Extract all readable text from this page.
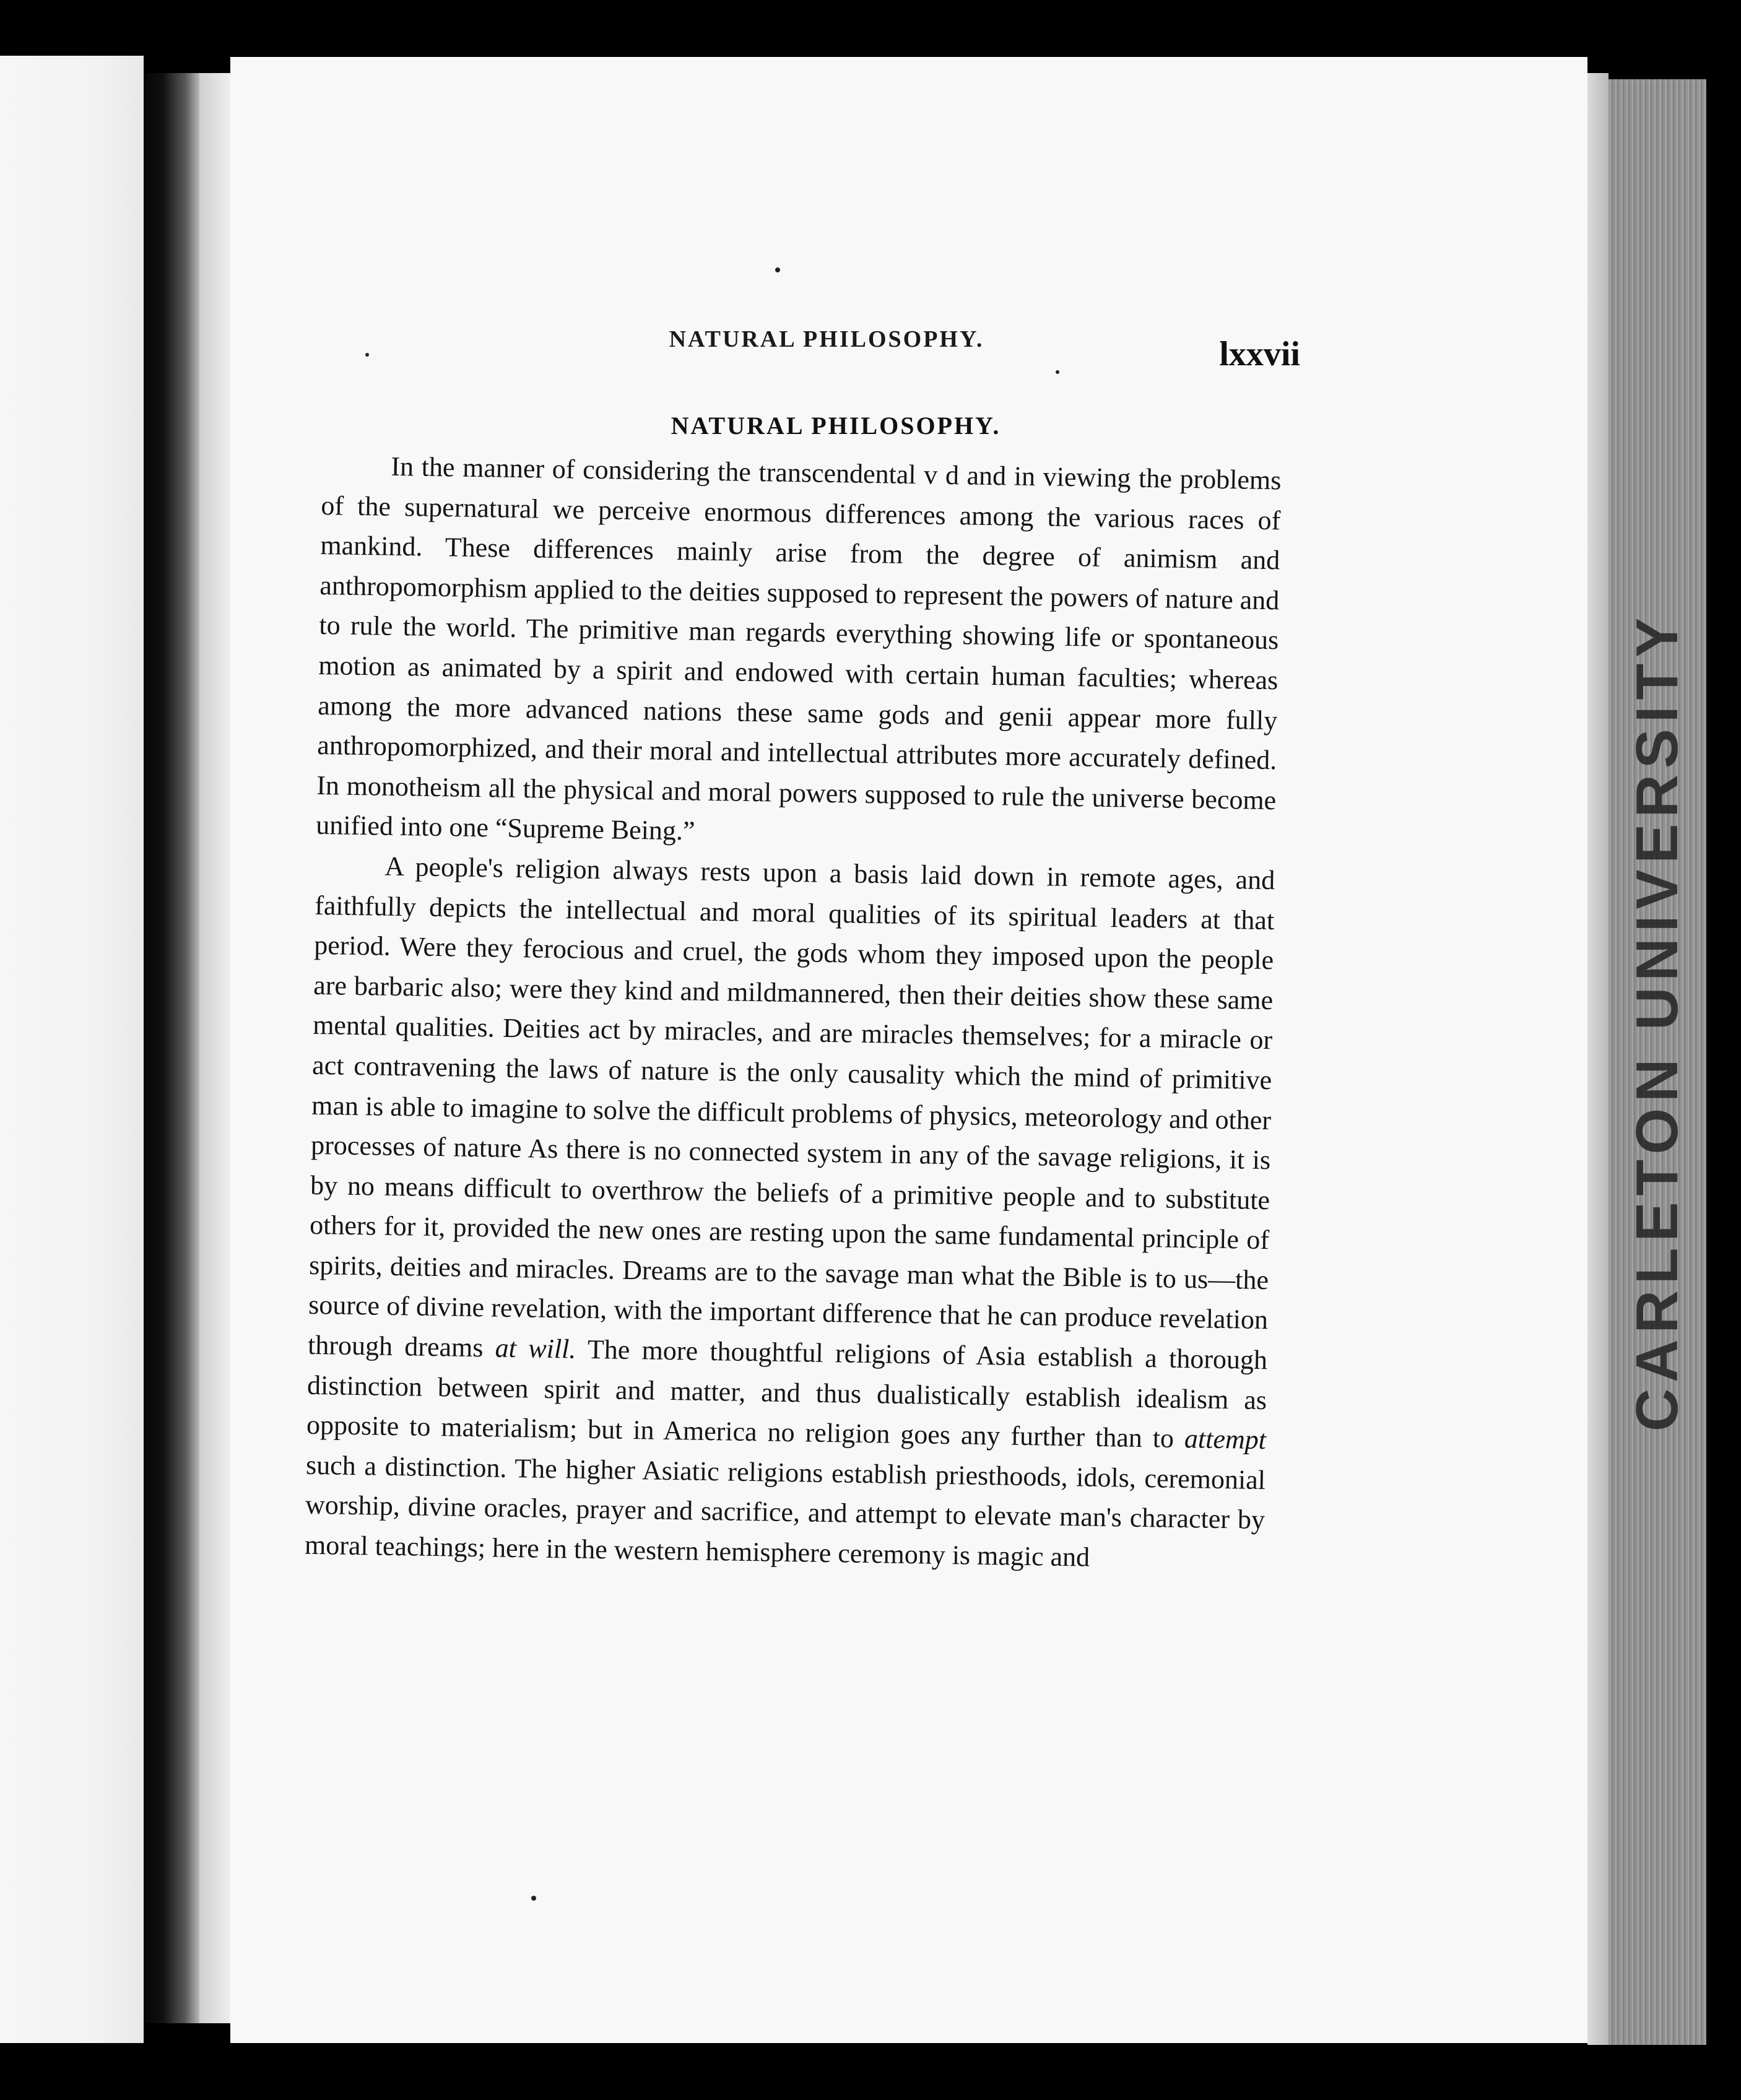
CARLETON UNIVERSITY
NATURAL PHILOSOPHY.	lxxvii
NATURAL PHILOSOPHY.

In the manner of considering the transcendental v d and in viewing the problems of the supernatural we perceive enormous differences among the various races of mankind. These differences mainly arise from the degree of animism and anthropomorphism applied to the deities supposed to represent the powers of nature and to rule the world. The primitive man regards everything showing life or spontaneous motion as animated by a spirit and endowed with certain human faculties; whereas among the more advanced nations these same gods and genii appear more fully anthropomorphized, and their moral and intellectual attributes more accurately defined. In monotheism all the physical and moral powers supposed to rule the universe become unified into one “Supreme Being.”

A people's religion always rests upon a basis laid down in remote ages, and faithfully depicts the intellectual and moral qualities of its spiritual leaders at that period. Were they ferocious and cruel, the gods whom they imposed upon the people are barbaric also; were they kind and mildmannered, then their deities show these same mental qualities. Deities act by miracles, and are miracles themselves; for a miracle or act contravening the laws of nature is the only causality which the mind of primitive man is able to imagine to solve the difficult problems of physics, meteorology and other processes of nature As there is no connected system in any of the savage religions, it is by no means difficult to overthrow the beliefs of a primitive people and to substitute others for it, provided the new ones are resting upon the same fundamental principle of spirits, deities and miracles. Dreams are to the savage man what the Bible is to us—the source of divine revelation, with the important difference that he can produce revelation through dreams at will. The more thoughtful religions of Asia establish a thorough distinction between spirit and matter, and thus dualistically establish idealism as opposite to materialism; but in America no religion goes any further than to attempt such a distinction. The higher Asiatic religions establish priesthoods, idols, ceremonial worship, divine oracles, prayer and sacrifice, and attempt to elevate man's character by moral teachings; here in the western hemisphere ceremony is magic and
